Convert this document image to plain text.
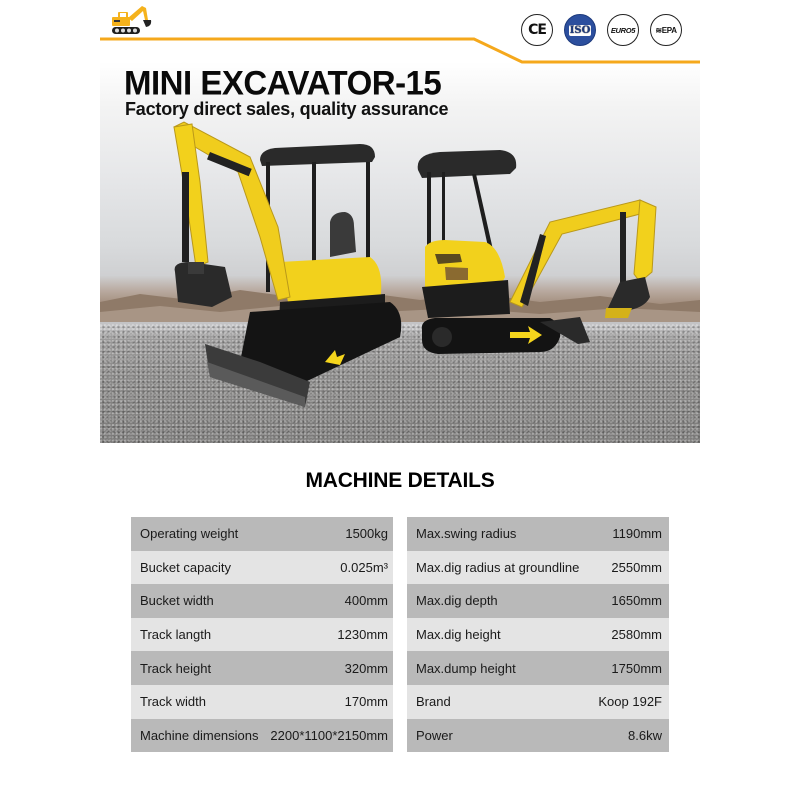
CE	ISO	EURO5	≋EPA
MINI EXCAVATOR-15
Factory direct sales, quality assurance
MACHINE DETAILS
Operating weight	1500kg
Bucket capacity	0.025m³
Bucket width	400mm
Track langth	1230mm
Track height	320mm
Track width	170mm
Machine dimensions 2200*1100*2150mm
Max.swing radius	1190mm
Max.dig radius at groundline 2550mm
Max.dig depth	1650mm
Max.dig height	2580mm
Max.dump height	1750mm
Brand	Koop 192F
Power	8.6kw
